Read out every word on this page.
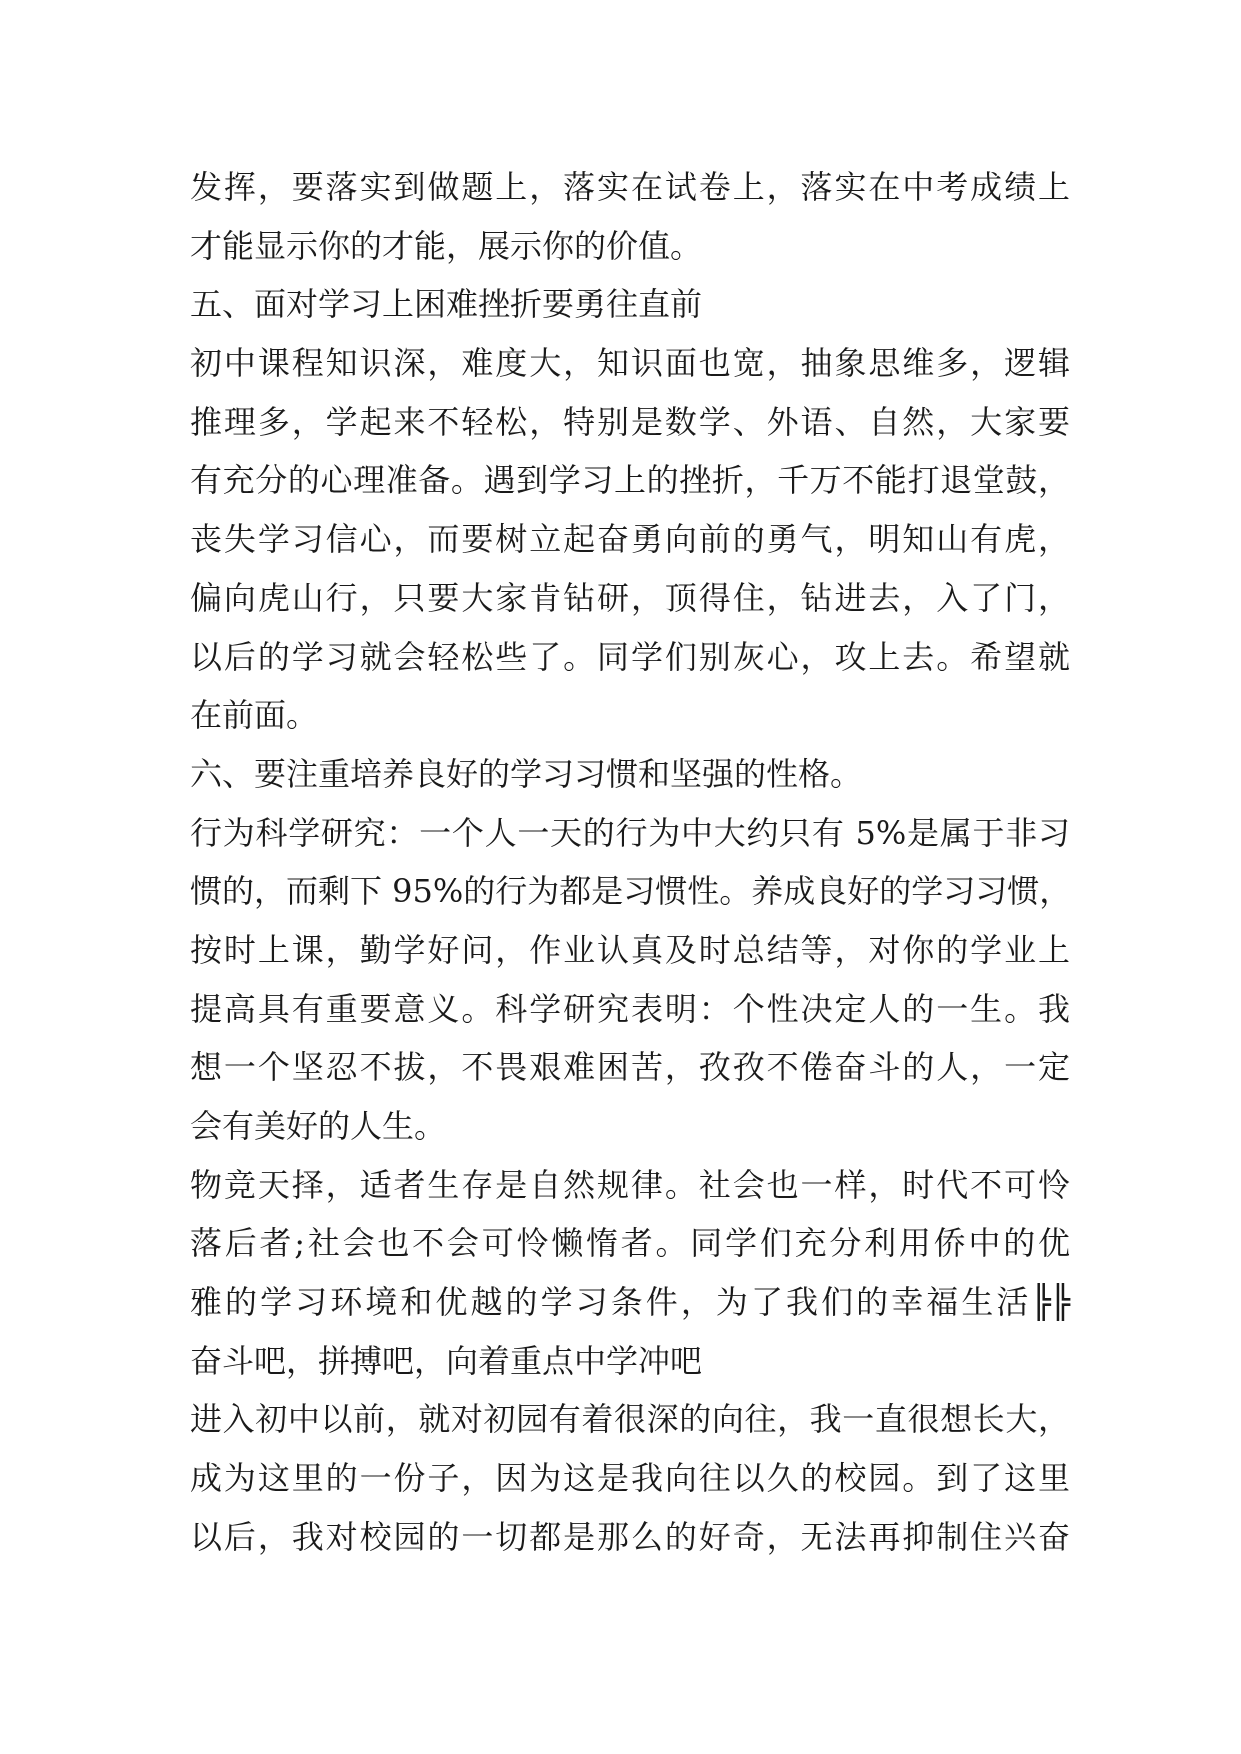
发挥，要落实到做题上，落实在试卷上，落实在中考成绩上
才能显示你的才能，展示你的价值。
五、面对学习上困难挫折要勇往直前
初中课程知识深，难度大，知识面也宽，抽象思维多，逻辑
推理多，学起来不轻松，特别是数学、外语、自然，大家要
有充分的心理准备。遇到学习上的挫折，千万不能打退堂鼓，
丧失学习信心，而要树立起奋勇向前的勇气，明知山有虎，
偏向虎山行，只要大家肯钻研，顶得住，钻进去，入了门，
以后的学习就会轻松些了。同学们别灰心，攻上去。希望就
在前面。
六、要注重培养良好的学习习惯和坚强的性格。
行为科学研究：一个人一天的行为中大约只有 5%是属于非习
惯的，而剩下 95%的行为都是习惯性。养成良好的学习习惯，
按时上课，勤学好问，作业认真及时总结等，对你的学业上
提高具有重要意义。科学研究表明：个性决定人的一生。我
想一个坚忍不拔，不畏艰难困苦，孜孜不倦奋斗的人，一定
会有美好的人生。
物竞天择，适者生存是自然规律。社会也一样，时代不可怜
落后者;社会也不会可怜懒惰者。同学们充分利用侨中的优
雅的学习环境和优越的学习条件，为了我们的幸福生活╠╠
奋斗吧，拼搏吧，向着重点中学冲吧
进入初中以前，就对初园有着很深的向往，我一直很想长大，
成为这里的一份子，因为这是我向往以久的校园。到了这里
以后，我对校园的一切都是那么的好奇，无法再抑制住兴奋
